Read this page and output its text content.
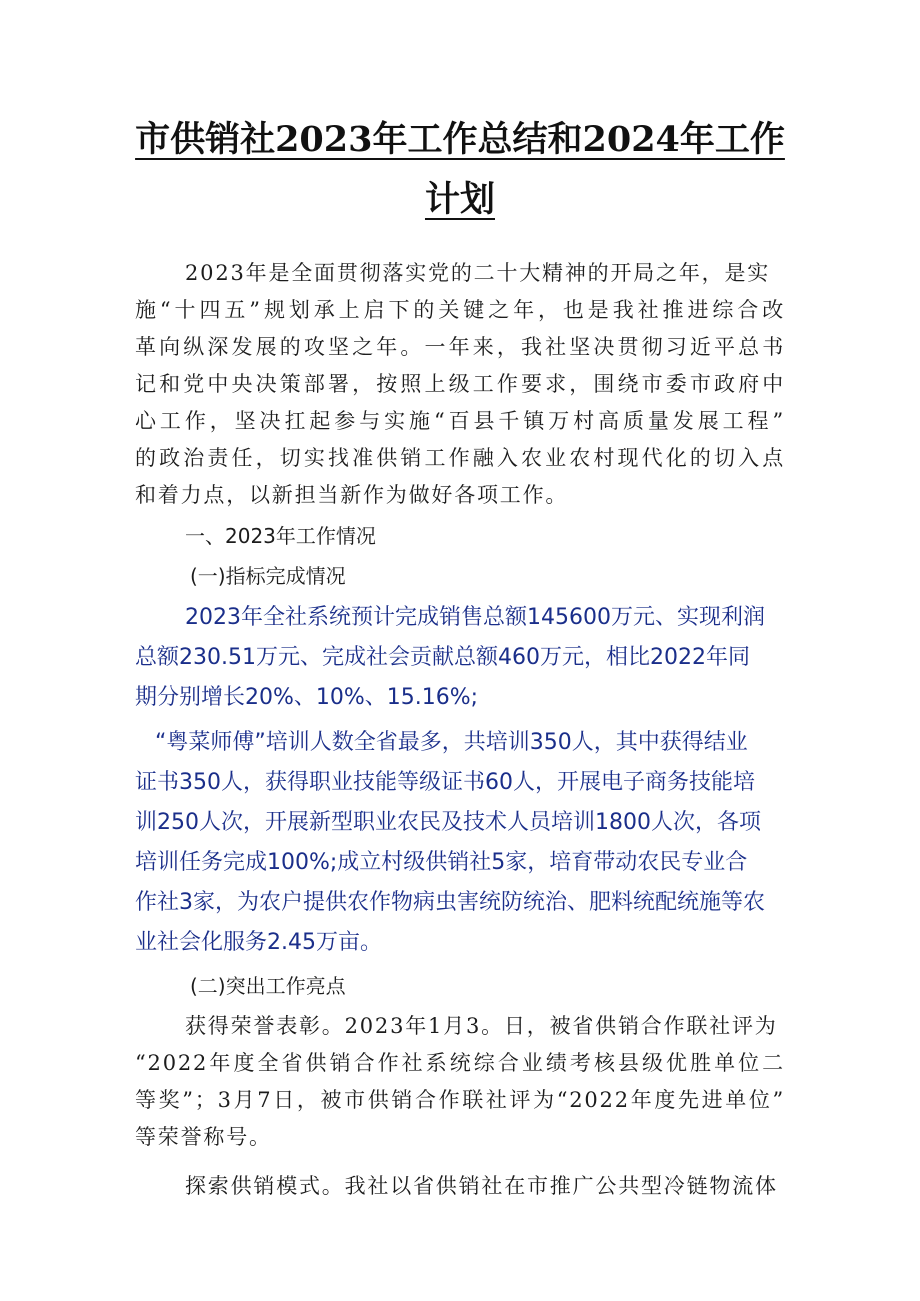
市供销社2023年工作总结和2024年工作
计划
2023年是全面贯彻落实党的二十大精神的开局之年，是实
施“十四五”规划承上启下的关键之年，也是我社推进综合改
革向纵深发展的攻坚之年。一年来，我社坚决贯彻习近平总书
记和党中央决策部署，按照上级工作要求，围绕市委市政府中
心工作，坚决扛起参与实施“百县千镇万村高质量发展工程”
的政治责任，切实找准供销工作融入农业农村现代化的切入点
和着力点，以新担当新作为做好各项工作。
一、2023年工作情况
(一)指标完成情况
2023年全社系统预计完成销售总额145600万元、实现利润
总额230.51万元、完成社会贡献总额460万元，相比2022年同
期分别增长20%、10%、15.16%;
“粤菜师傅”培训人数全省最多，共培训350人，其中获得结业
证书350人，获得职业技能等级证书60人，开展电子商务技能培
训250人次，开展新型职业农民及技术人员培训1800人次，各项
培训任务完成100%;成立村级供销社5家，培育带动农民专业合
作社3家，为农户提供农作物病虫害统防统治、肥料统配统施等农
业社会化服务2.45万亩。
(二)突出工作亮点
获得荣誉表彰。2023年1月3。日，被省供销合作联社评为
“2022年度全省供销合作社系统综合业绩考核县级优胜单位二
等奖”；3月7日，被市供销合作联社评为“2022年度先进单位”
等荣誉称号。
探索供销模式。我社以省供销社在市推广公共型冷链物流体
